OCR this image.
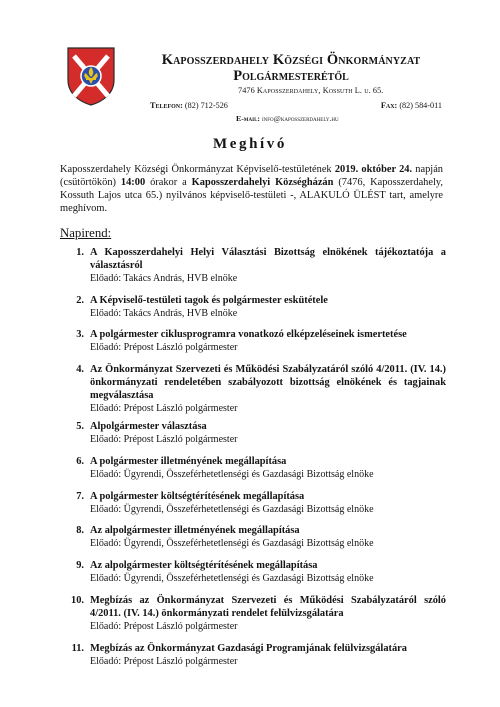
Kaposszerdahely Községi Önkormányzat
Polgármesterétől
7476 Kaposszerdahely, Kossuth L. u. 65.
Telefon: (82) 712-526	Fax: (82) 584-011
E-mail: info@kaposszerdahely.hu
Meghívó
Kaposszerdahely Községi Önkormányzat Képviselő-testületének 2019. október 24. napján (csütörtökön) 14:00 órakor a Kaposszerdahelyi Községházán (7476, Kaposszerdahely, Kossuth Lajos utca 65.) nyilvános képviselő-testületi -, ALAKULÓ ÜLÉST tart, amelyre meghívom.
Napirend:
1. A Kaposszerdahelyi Helyi Választási Bizottság elnökének tájékoztatója a választásról
Előadó: Takács András, HVB elnöke
2. A Képviselő-testületi tagok és polgármester eskütétele
Előadó: Takács András, HVB elnöke
3. A polgármester ciklusprogramra vonatkozó elképzeléseinek ismertetése
Előadó: Prépost László polgármester
4. Az Önkormányzat Szervezeti és Működési Szabályzatáról szóló 4/2011. (IV. 14.) önkormányzati rendeletében szabályozott bizottság elnökének és tagjainak megválasztása
Előadó: Prépost László polgármester
5. Alpolgármester választása
Előadó: Prépost László polgármester
6. A polgármester illetményének megállapítása
Előadó: Ügyrendi, Összeférhetetlenségi és Gazdasági Bizottság elnöke
7. A polgármester költségtérítésének megállapítása
Előadó: Ügyrendi, Összeférhetetlenségi és Gazdasági Bizottság elnöke
8. Az alpolgármester illetményének megállapítása
Előadó: Ügyrendi, Összeférhetetlenségi és Gazdasági Bizottság elnöke
9. Az alpolgármester költségtérítésének megállapítása
Előadó: Ügyrendi, Összeférhetetlenségi és Gazdasági Bizottság elnöke
10. Megbízás az Önkormányzat Szervezeti és Működési Szabályzatáról szóló 4/2011. (IV. 14.) önkormányzati rendelet felülvizsgálatára
Előadó: Prépost László polgármester
11. Megbízás az Önkormányzat Gazdasági Programjának felülvizsgálatára
Előadó: Prépost László polgármester
